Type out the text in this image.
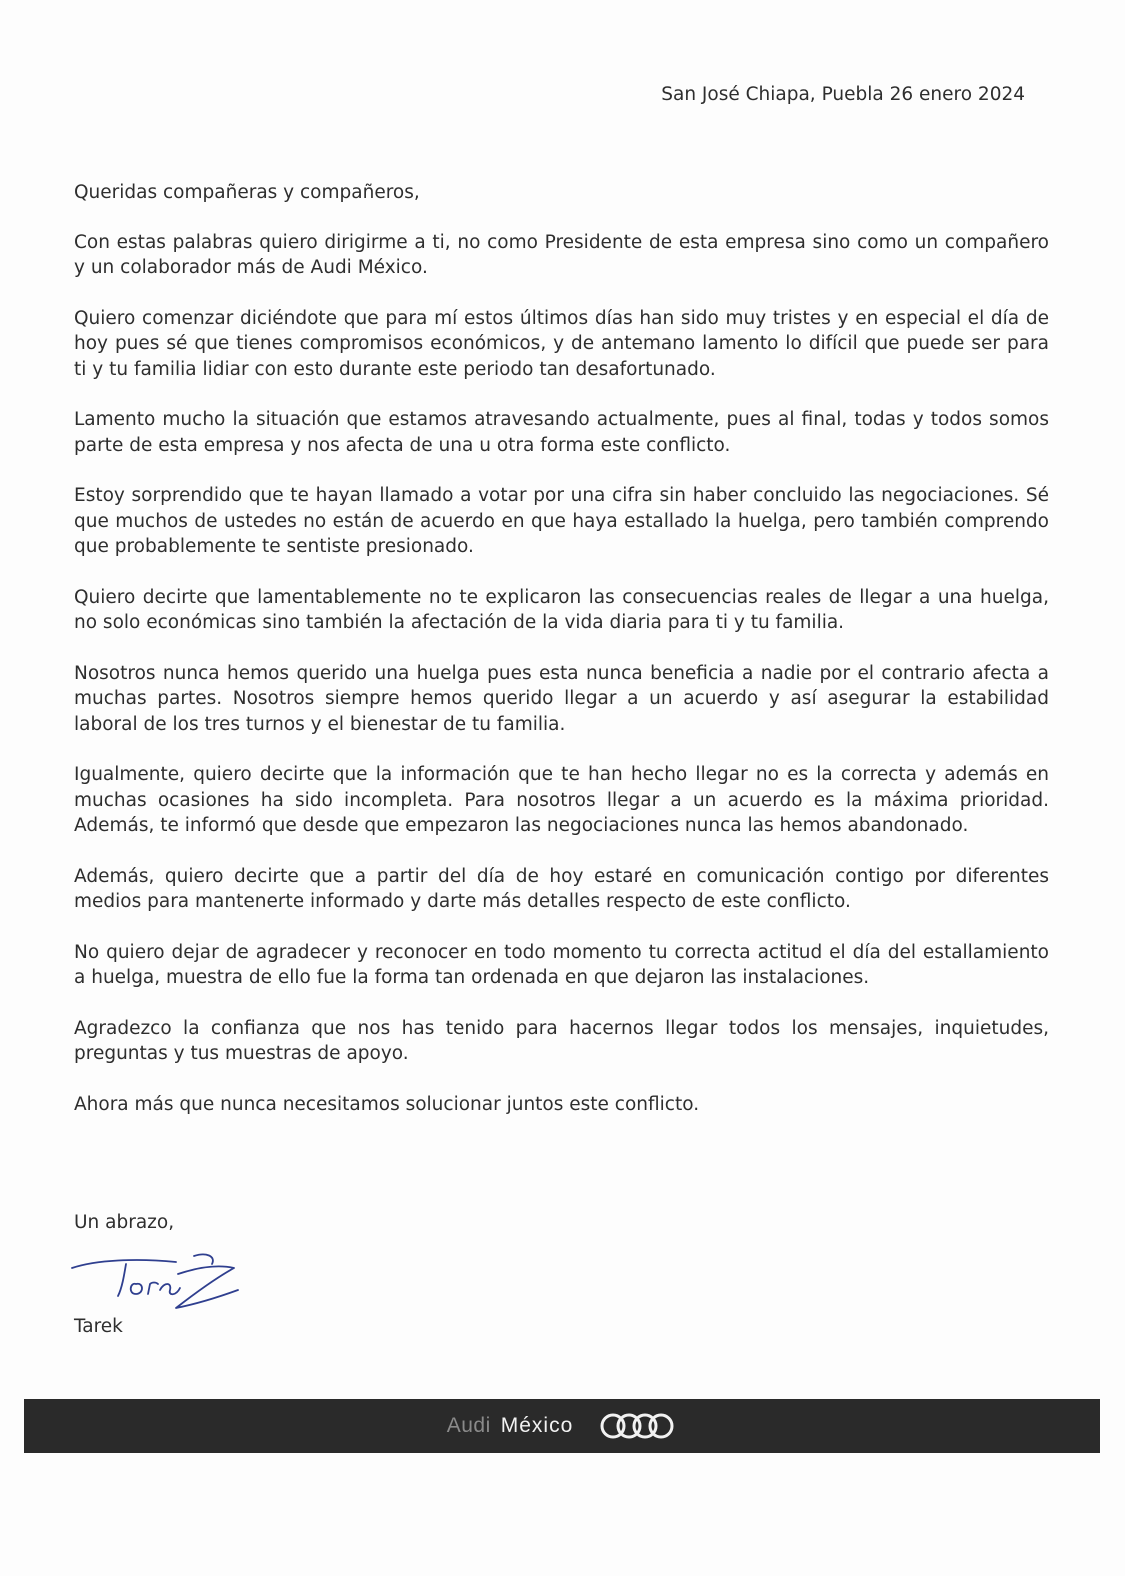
San José Chiapa, Puebla 26 enero 2024

Queridas compañeras y compañeros,

Con estas palabras quiero dirigirme a ti, no como Presidente de esta empresa sino como un compañero y un colaborador más de Audi México.

Quiero comenzar diciéndote que para mí estos últimos días han sido muy tristes y en especial el día de hoy pues sé que tienes compromisos económicos, y de antemano lamento lo difícil que puede ser para ti y tu familia lidiar con esto durante este periodo tan desafortunado.

Lamento mucho la situación que estamos atravesando actualmente, pues al final, todas y todos somos parte de esta empresa y nos afecta de una u otra forma este conflicto.

Estoy sorprendido que te hayan llamado a votar por una cifra sin haber concluido las negociaciones. Sé que muchos de ustedes no están de acuerdo en que haya estallado la huelga, pero también comprendo que probablemente te sentiste presionado.

Quiero decirte que lamentablemente no te explicaron las consecuencias reales de llegar a una huelga, no solo económicas sino también la afectación de la vida diaria para ti y tu familia.

Nosotros nunca hemos querido una huelga pues esta nunca beneficia a nadie por el contrario afecta a muchas partes. Nosotros siempre hemos querido llegar a un acuerdo y así asegurar la estabilidad laboral de los tres turnos y el bienestar de tu familia.

Igualmente, quiero decirte que la información que te han hecho llegar no es la correcta y además en muchas ocasiones ha sido incompleta. Para nosotros llegar a un acuerdo es la máxima prioridad. Además, te informó que desde que empezaron las negociaciones nunca las hemos abandonado.

Además, quiero decirte que a partir del día de hoy estaré en comunicación contigo por diferentes medios para mantenerte informado y darte más detalles respecto de este conflicto.

No quiero dejar de agradecer y reconocer en todo momento tu correcta actitud el día del estallamiento a huelga, muestra de ello fue la forma tan ordenada en que dejaron las instalaciones.

Agradezco la confianza que nos has tenido para hacernos llegar todos los mensajes, inquietudes, preguntas y tus muestras de apoyo.

Ahora más que nunca necesitamos solucionar juntos este conflicto.

Un abrazo,
Tarek
Audi México
